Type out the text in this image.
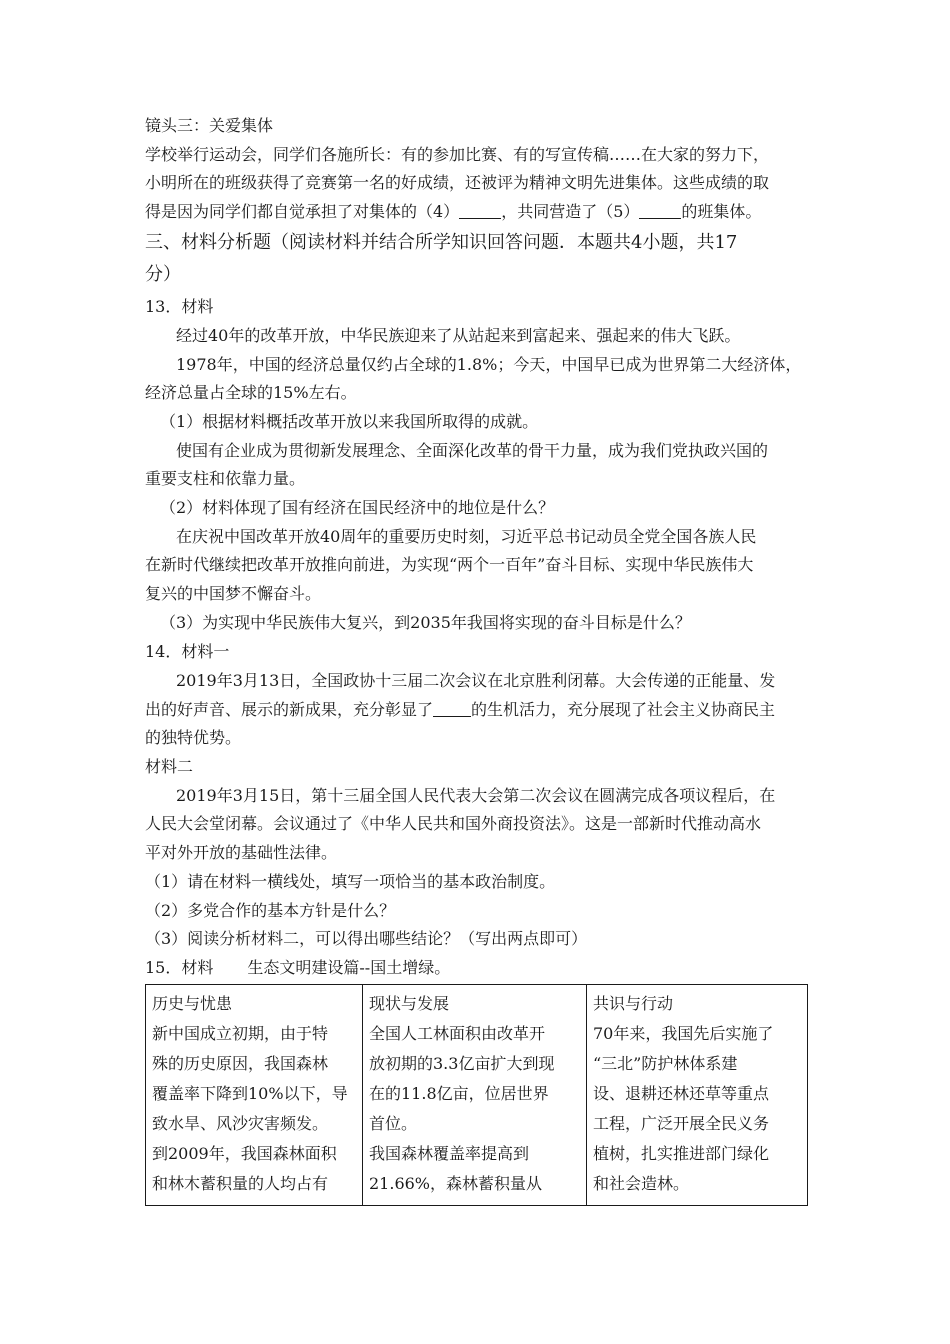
镜头三：关爱集体
学校举行运动会，同学们各施所长：有的参加比赛、有的写宣传稿……在大家的努力下，
小明所在的班级获得了竞赛第一名的好成绩，还被评为精神文明先进集体。这些成绩的取
得是因为同学们都自觉承担了对集体的（4）	，共同营造了（5）	的班集体。
三、材料分析题（阅读材料并结合所学知识回答问题．本题共4小题，共17
分）
13．材料
经过40年的改革开放，中华民族迎来了从站起来到富起来、强起来的伟大飞跃。
1978年，中国的经济总量仅约占全球的1.8%；今天，中国早已成为世界第二大经济体，
经济总量占全球的15%左右。
（1）根据材料概括改革开放以来我国所取得的成就。
使国有企业成为贯彻新发展理念、全面深化改革的骨干力量，成为我们党执政兴国的
重要支柱和依靠力量。
（2）材料体现了国有经济在国民经济中的地位是什么？
在庆祝中国改革开放40周年的重要历史时刻，习近平总书记动员全党全国各族人民
在新时代继续把改革开放推向前进，为实现“两个一百年”奋斗目标、实现中华民族伟大
复兴的中国梦不懈奋斗。
（3）为实现中华民族伟大复兴，到2035年我国将实现的奋斗目标是什么？
14．材料一
2019年3月13日，全国政协十三届二次会议在北京胜利闭幕。大会传递的正能量、发
出的好声音、展示的新成果，充分彰显了 的生机活力，充分展现了社会主义协商民主
的独特优势。
材料二
2019年3月15日，第十三届全国人民代表大会第二次会议在圆满完成各项议程后，在
人民大会堂闭幕。会议通过了《中华人民共和国外商投资法》。这是一部新时代推动高水
平对外开放的基础性法律。
（1）请在材料一横线处，填写一项恰当的基本政治制度。
（2）多党合作的基本方针是什么？
（3）阅读分析材料二，可以得出哪些结论？（写出两点即可）
15．材料 生态文明建设篇--国土增绿。
历史与忧患
新中国成立初期，由于特
殊的历史原因，我国森林
覆盖率下降到10%以下，导
致水旱、风沙灾害频发。
到2009年，我国森林面积
和林木蓄积量的人均占有

现状与发展
全国人工林面积由改革开
放初期的3.3亿亩扩大到现
在的11.8亿亩，位居世界
首位。
我国森林覆盖率提高到
21.66%，森林蓄积量从

共识与行动
70年来，我国先后实施了
“三北”防护林体系建
设、退耕还林还草等重点
工程，广泛开展全民义务
植树，扎实推进部门绿化
和社会造林。
